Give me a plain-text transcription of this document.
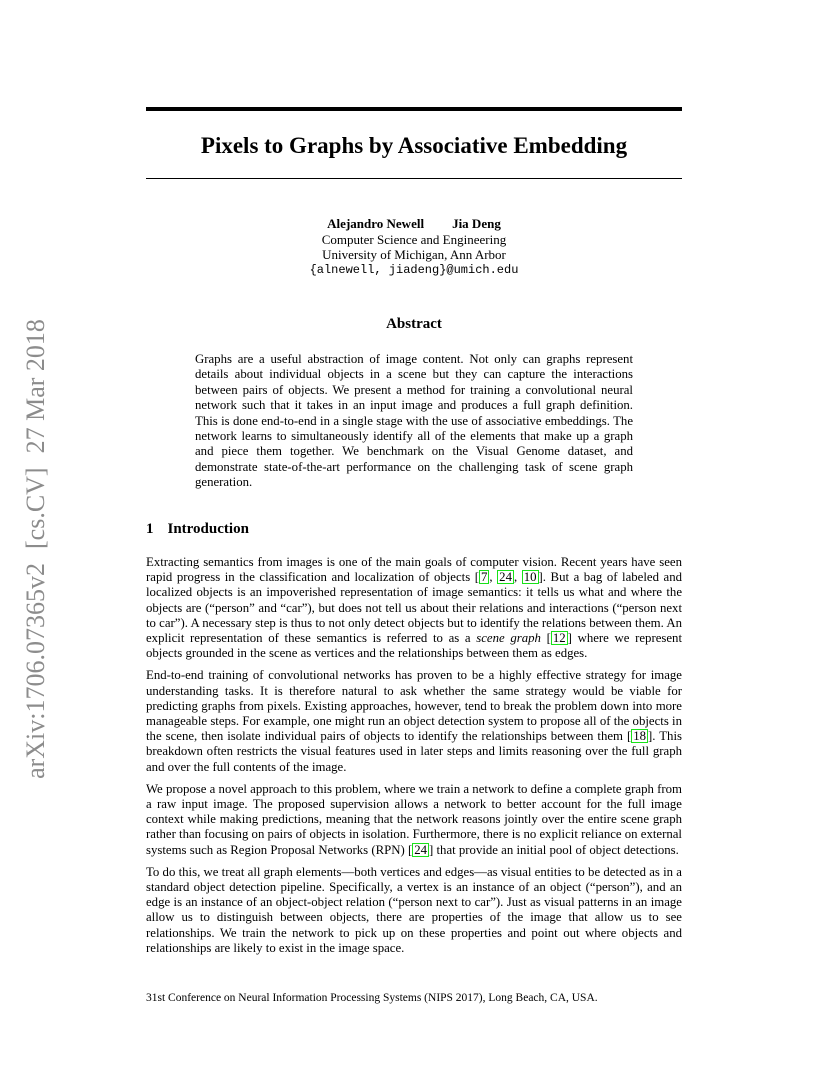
arXiv:1706.07365v2[cs.CV]27 Mar 2018
Pixels to Graphs by Associative Embedding
Alejandro Newell Jia Deng
Computer Science and Engineering
University of Michigan, Ann Arbor
{alnewell, jiadeng}@umich.edu
Abstract

Graphs are a useful abstraction of image content. Not only can graphs represent details about individual objects in a scene but they can capture the interactions between pairs of objects. We present a method for training a convolutional neural network such that it takes in an input image and produces a full graph definition. This is done end-to-end in a single stage with the use of associative embeddings. The network learns to simultaneously identify all of the elements that make up a graph and piece them together. We benchmark on the Visual Genome dataset, and demonstrate state-of-the-art performance on the challenging task of scene graph generation.

1 Introduction

Extracting semantics from images is one of the main goals of computer vision. Recent years have seen rapid progress in the classification and localization of objects [ 7 , 24 , 10 ]. But a bag of labeled and localized objects is an impoverished representation of image semantics: it tells us what and where the objects are (“person” and “car”), but does not tell us about their relations and interactions (“person next to car”). A necessary step is thus to not only detect objects but to identify the relations between them. An explicit representation of these semantics is referred to as a scene graph [ 12 ] where we represent objects grounded in the scene as vertices and the relationships between them as edges.

End-to-end training of convolutional networks has proven to be a highly effective strategy for image understanding tasks. It is therefore natural to ask whether the same strategy would be viable for predicting graphs from pixels. Existing approaches, however, tend to break the problem down into more manageable steps. For example, one might run an object detection system to propose all of the objects in the scene, then isolate individual pairs of objects to identify the relationships between them [ 18 ]. This breakdown often restricts the visual features used in later steps and limits reasoning over the full graph and over the full contents of the image.

We propose a novel approach to this problem, where we train a network to define a complete graph from a raw input image. The proposed supervision allows a network to better account for the full image context while making predictions, meaning that the network reasons jointly over the entire scene graph rather than focusing on pairs of objects in isolation. Furthermore, there is no explicit reliance on external systems such as Region Proposal Networks (RPN) [ 24 ] that provide an initial pool of object detections.

To do this, we treat all graph elements—both vertices and edges—as visual entities to be detected as in a standard object detection pipeline. Specifically, a vertex is an instance of an object (“person”), and an edge is an instance of an object-object relation (“person next to car”). Just as visual patterns in an image allow us to distinguish between objects, there are properties of the image that allow us to see relationships. We train the network to pick up on these properties and point out where objects and relationships are likely to exist in the image space.

31st Conference on Neural Information Processing Systems (NIPS 2017), Long Beach, CA, USA.
